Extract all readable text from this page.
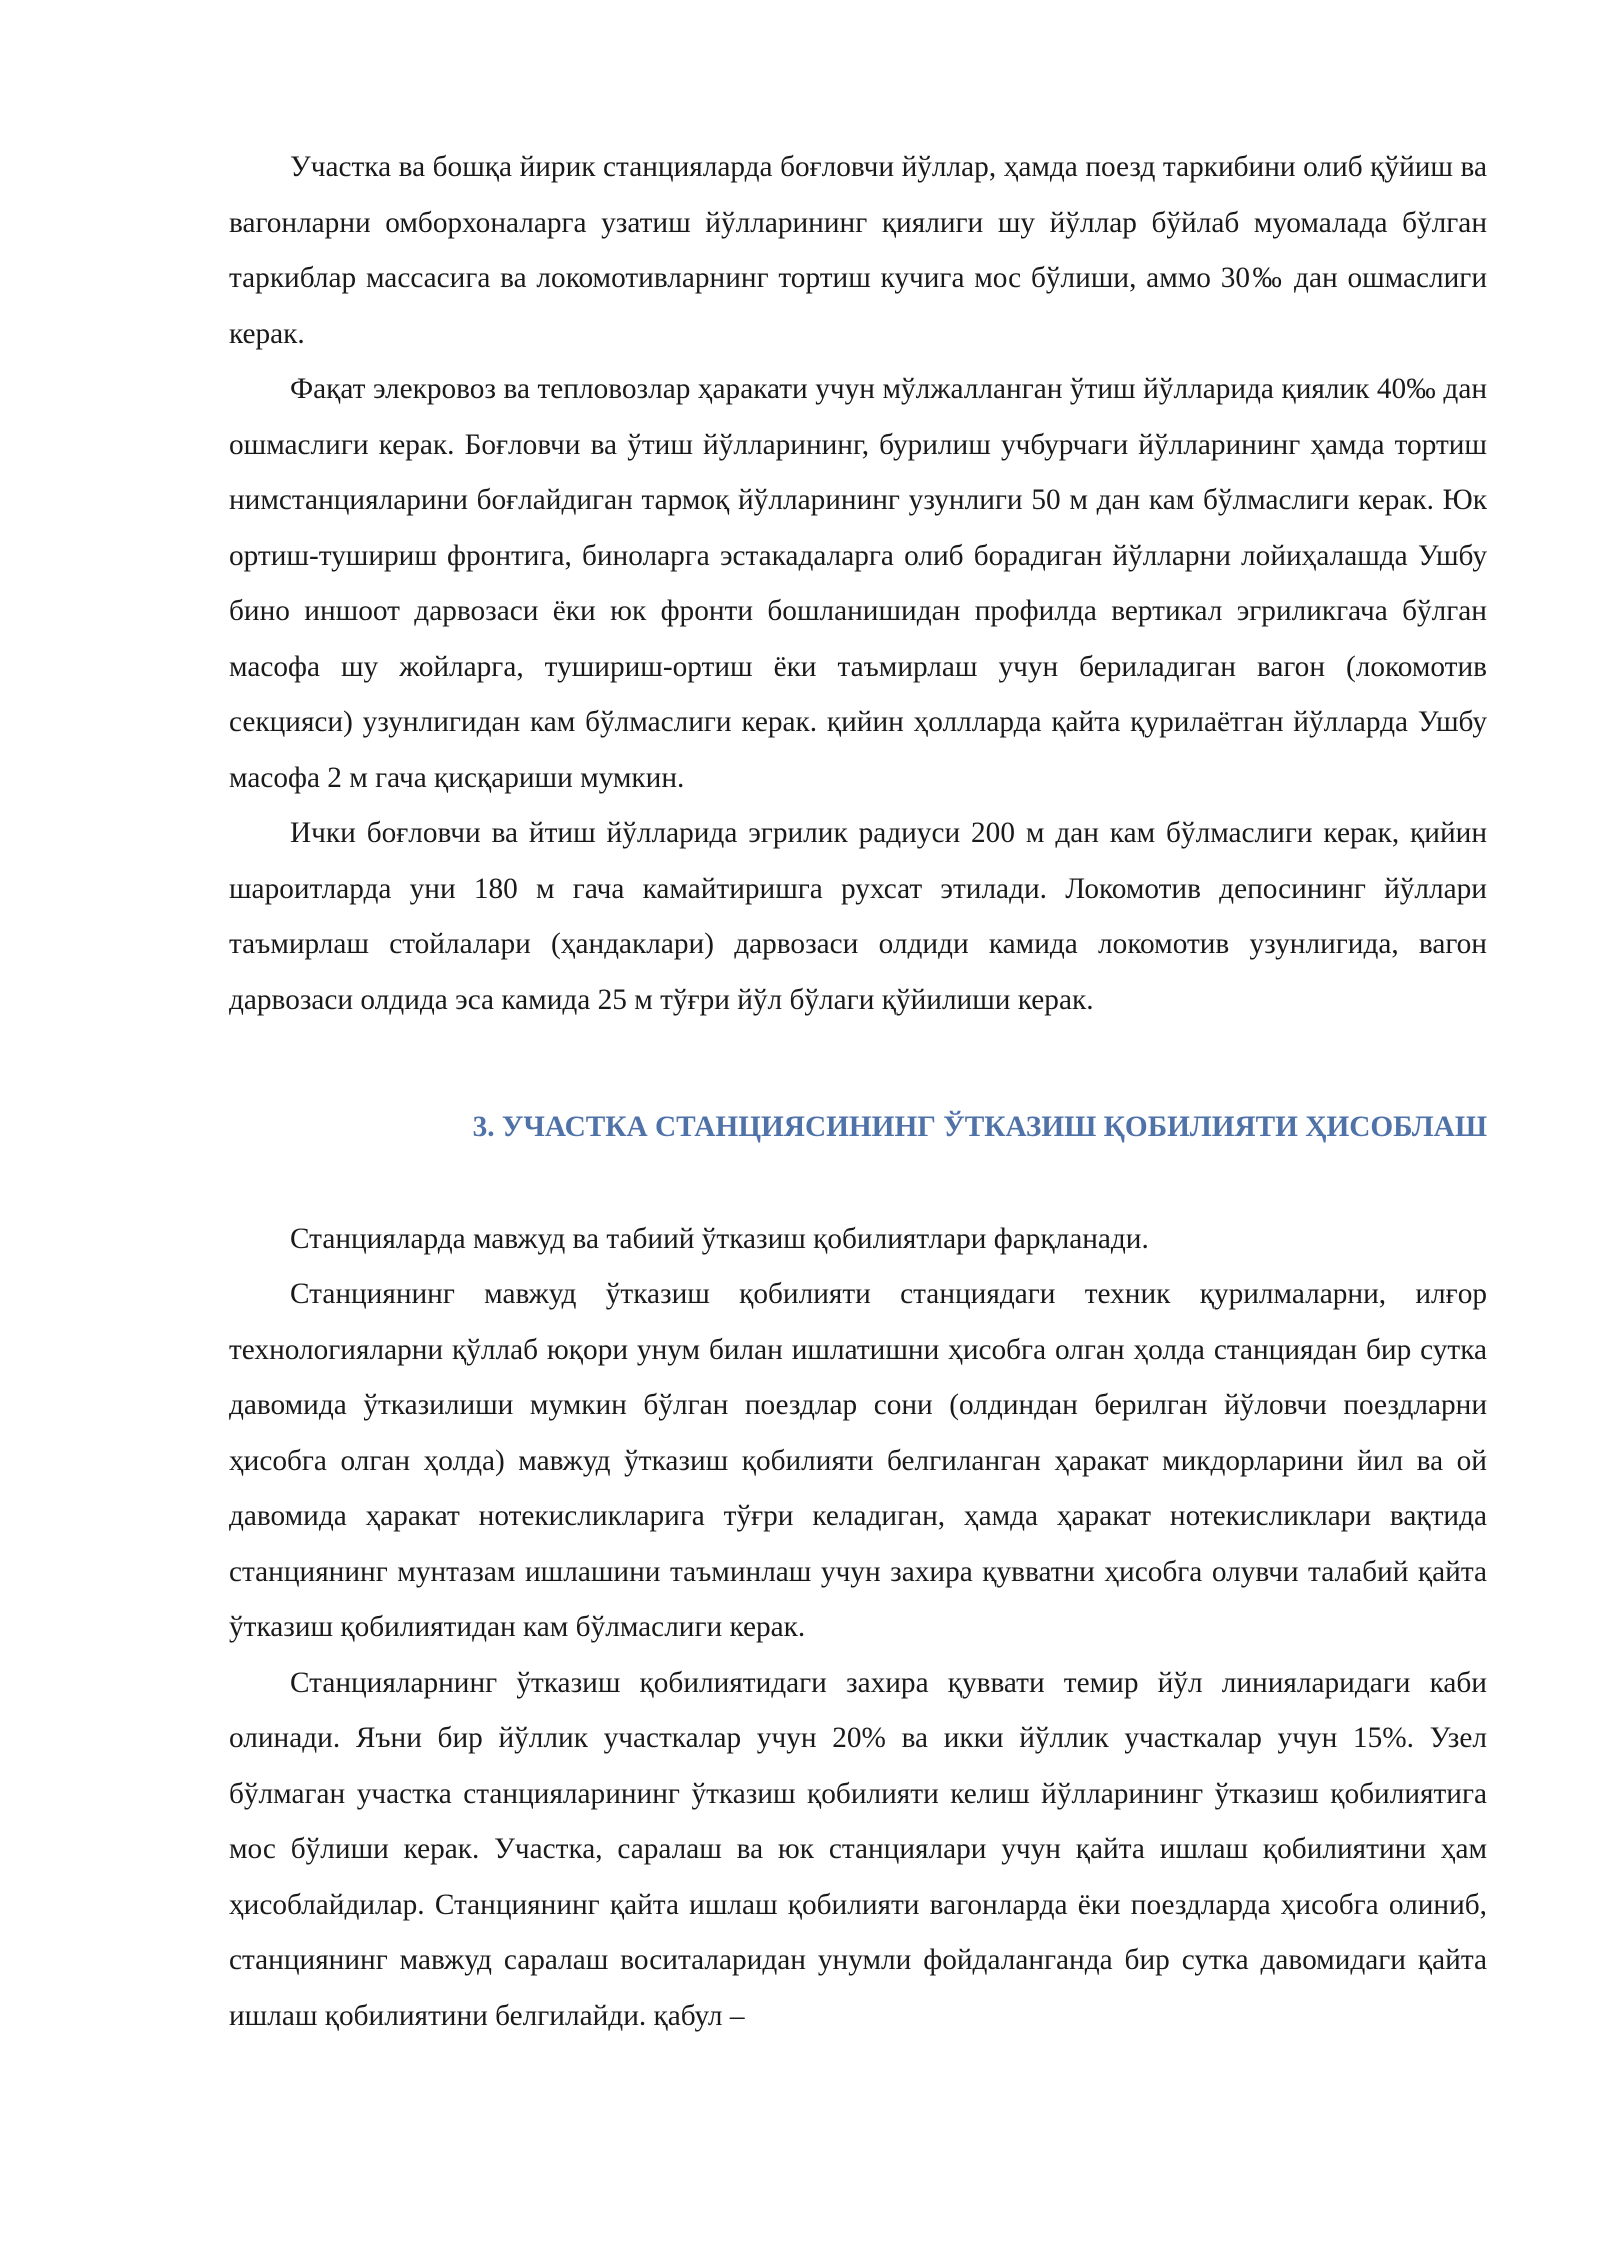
Участка ва бошқа йирик станцияларда боғловчи йўллар, ҳамда поезд таркибини олиб қўйиш ва вагонларни омборхоналарга узатиш йўлларининг қиялиги шу йўллар бўйлаб муомалада бўлган таркиблар массасига ва локомотивларнинг тортиш кучига мос бўлиши, аммо 30‰ дан ошмаслиги керак.

Фақат элекровоз ва тепловозлар ҳаракати учун мўлжалланган ўтиш йўлларида қиялик 40‰ дан ошмаслиги керак. Боғловчи ва ўтиш йўлларининг, бурилиш учбурчаги йўлларининг ҳамда тортиш нимстанцияларини боғлайдиган тармоқ йўлларининг узунлиги 50 м дан кам бўлмаслиги керак. Юк ортиш-тушириш фронтига, биноларга эстакадаларга олиб борадиган йўлларни лойиҳалашда Ушбу бино иншоот дарвозаси ёки юк фронти бошланишидан профилда вертикал эгриликгача бўлган масофа шу жойларга, тушириш-ортиш ёки таъмирлаш учун бериладиган вагон (локомотив секцияси) узунлигидан кам бўлмаслиги керак. қийин ҳоллларда қайта қурилаётган йўлларда Ушбу масофа 2 м гача қисқариши мумкин.

Ички боғловчи ва йтиш йўлларида эгрилик радиуси 200 м дан кам бўлмаслиги керак, қийин шароитларда уни 180 м гача камайтиришга рухсат этилади. Локомотив депосининг йўллари таъмирлаш стойлалари (ҳандаклари) дарвозаси олдиди камида локомотив узунлигида, вагон дарвозаси олдида эса камида 25 м тўғри йўл бўлаги қўйилиши керак.

3. УЧАСТКА СТАНЦИЯСИНИНГ ЎТКАЗИШ ҚОБИЛИЯТИ ҲИСОБЛАШ

Станцияларда мавжуд ва табиий ўтказиш қобилиятлари фарқланади.

Станциянинг мавжуд ўтказиш қобилияти станциядаги техник қурилмаларни, илғор технологияларни қўллаб юқори унум билан ишлатишни ҳисобга олган ҳолда станциядан бир сутка давомида ўтказилиши мумкин бўлган поездлар сони (олдиндан берилган йўловчи поездларни ҳисобга олган ҳолда) мавжуд ўтказиш қобилияти белгиланган ҳаракат микдорларини йил ва ой давомида ҳаракат нотекисликларига тўғри келадиган, ҳамда ҳаракат нотекисликлари вақтида станциянинг мунтазам ишлашини таъминлаш учун захира қувватни ҳисобга олувчи талабий қайта ўтказиш қобилиятидан кам бўлмаслиги керак.

Станцияларнинг ўтказиш қобилиятидаги захира қуввати темир йўл линияларидаги каби олинади. Яъни бир йўллик участкалар учун 20% ва икки йўллик участкалар учун 15%. Узел бўлмаган участка станцияларининг ўтказиш қобилияти келиш йўлларининг ўтказиш қобилиятига мос бўлиши керак. Участка, саралаш ва юк станциялари учун қайта ишлаш қобилиятини ҳам ҳисоблайдилар. Станциянинг қайта ишлаш қобилияти вагонларда ёки поездларда ҳисобга олиниб, станциянинг мавжуд саралаш воситаларидан унумли фойдаланганда бир сутка давомидаги қайта ишлаш қобилиятини белгилайди. қабул –
